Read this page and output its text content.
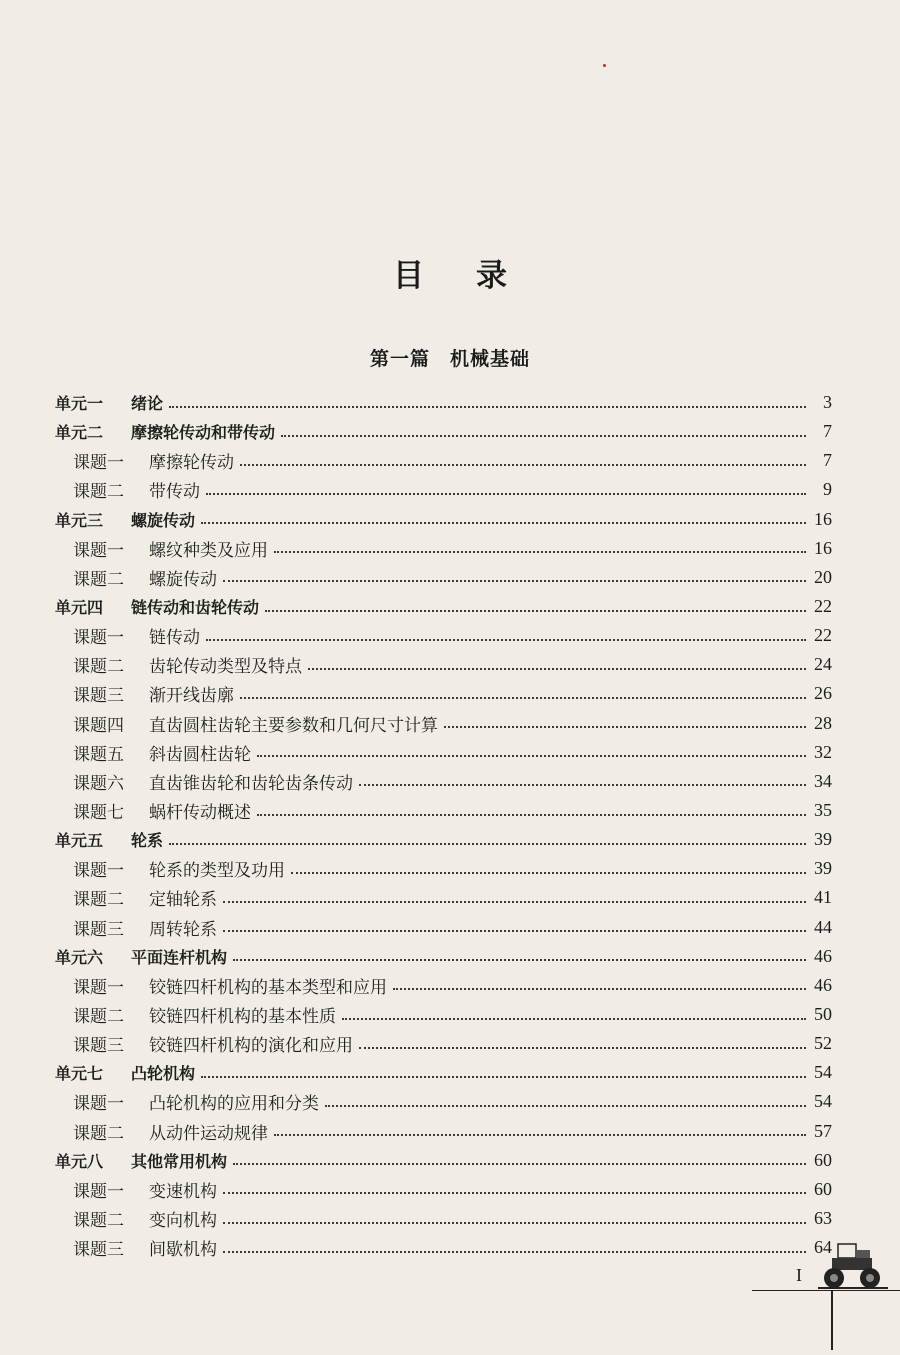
目录
第一篇 机械基础
单元一	绪论	3
单元二	摩擦轮传动和带传动	7
课题一	摩擦轮传动	7
课题二	带传动	9
单元三	螺旋传动	16
课题一	螺纹种类及应用	16
课题二	螺旋传动	20
单元四	链传动和齿轮传动	22
课题一	链传动	22
课题二	齿轮传动类型及特点	24
课题三	渐开线齿廓	26
课题四	直齿圆柱齿轮主要参数和几何尺寸计算	28
课题五	斜齿圆柱齿轮	32
课题六	直齿锥齿轮和齿轮齿条传动	34
课题七	蜗杆传动概述	35
单元五	轮系	39
课题一	轮系的类型及功用	39
课题二	定轴轮系	41
课题三	周转轮系	44
单元六	平面连杆机构	46
课题一	铰链四杆机构的基本类型和应用	46
课题二	铰链四杆机构的基本性质	50
课题三	铰链四杆机构的演化和应用	52
单元七	凸轮机构	54
课题一	凸轮机构的应用和分类	54
课题二	从动件运动规律	57
单元八	其他常用机构	60
课题一	变速机构	60
课题二	变向机构	63
课题三	间歇机构	64
I
